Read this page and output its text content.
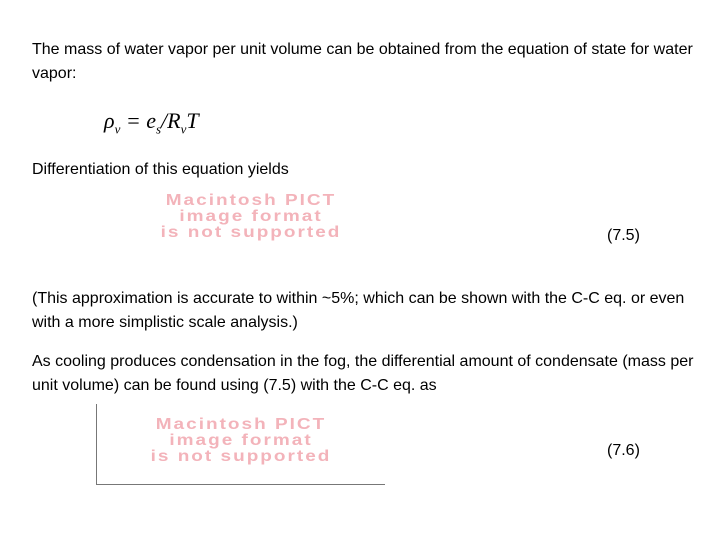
The mass of water vapor per unit volume can be obtained from the equation of state for water vapor:

$\rho_v = e_s/R_vT$

Differentiation of this equation yields

Macintosh PICT
image format
is not supported	(7.5)

(This approximation is accurate to within ~5%; which can be shown with the C-C eq. or even with a more simplistic scale analysis.)

As cooling produces condensation in the fog, the differential amount of condensate (mass per unit volume) can be found using (7.5) with the C-C eq. as

Macintosh PICT
image format
is not supported	(7.6)
